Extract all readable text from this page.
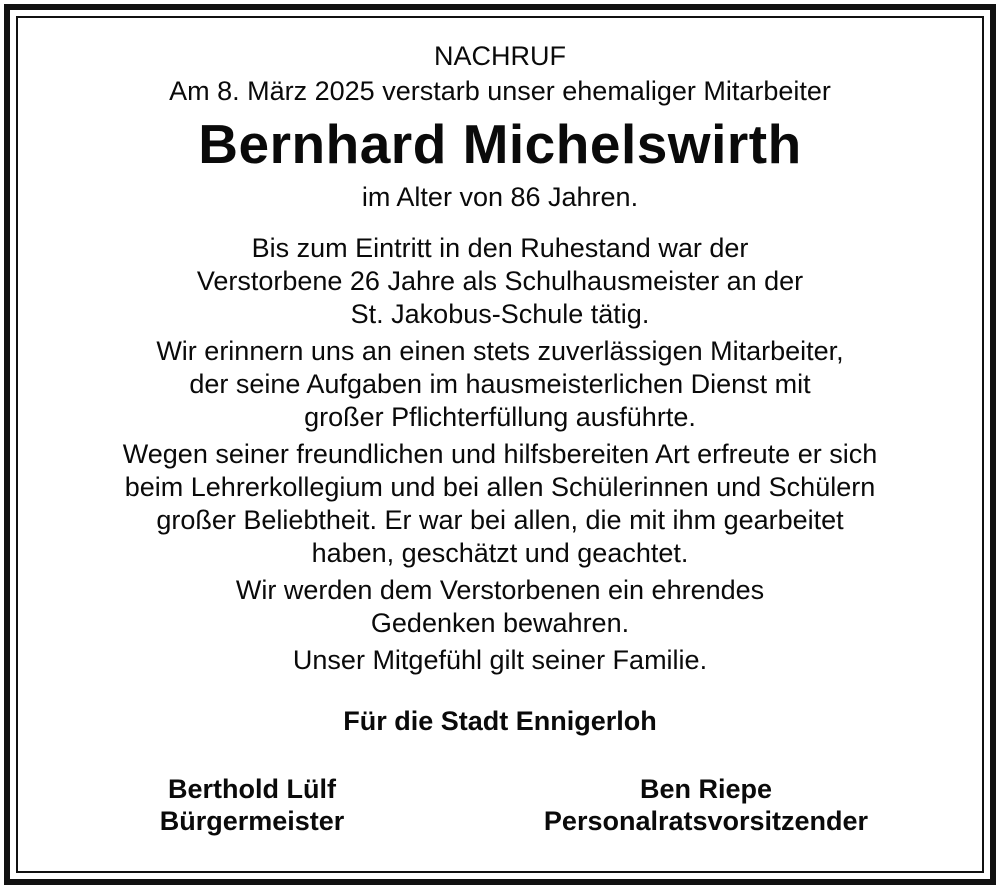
NACHRUF

Am 8. März 2025 verstarb unser ehemaliger Mitarbeiter

Bernhard Michelswirth

im Alter von 86 Jahren.

Bis zum Eintritt in den Ruhestand war der
Verstorbene 26 Jahre als Schulhausmeister an der
St. Jakobus-Schule tätig.
Wir erinnern uns an einen stets zuverlässigen Mitarbeiter,
der seine Aufgaben im hausmeisterlichen Dienst mit
großer Pflichterfüllung ausführte.
Wegen seiner freundlichen und hilfsbereiten Art erfreute er sich
beim Lehrerkollegium und bei allen Schülerinnen und Schülern
großer Beliebtheit. Er war bei allen, die mit ihm gearbeitet
haben, geschätzt und geachtet.
Wir werden dem Verstorbenen ein ehrendes
Gedenken bewahren.
Unser Mitgefühl gilt seiner Familie.

Für die Stadt Ennigerloh

Berthold Lülf
Bürgermeister
Ben Riepe
Personalratsvorsitzender
